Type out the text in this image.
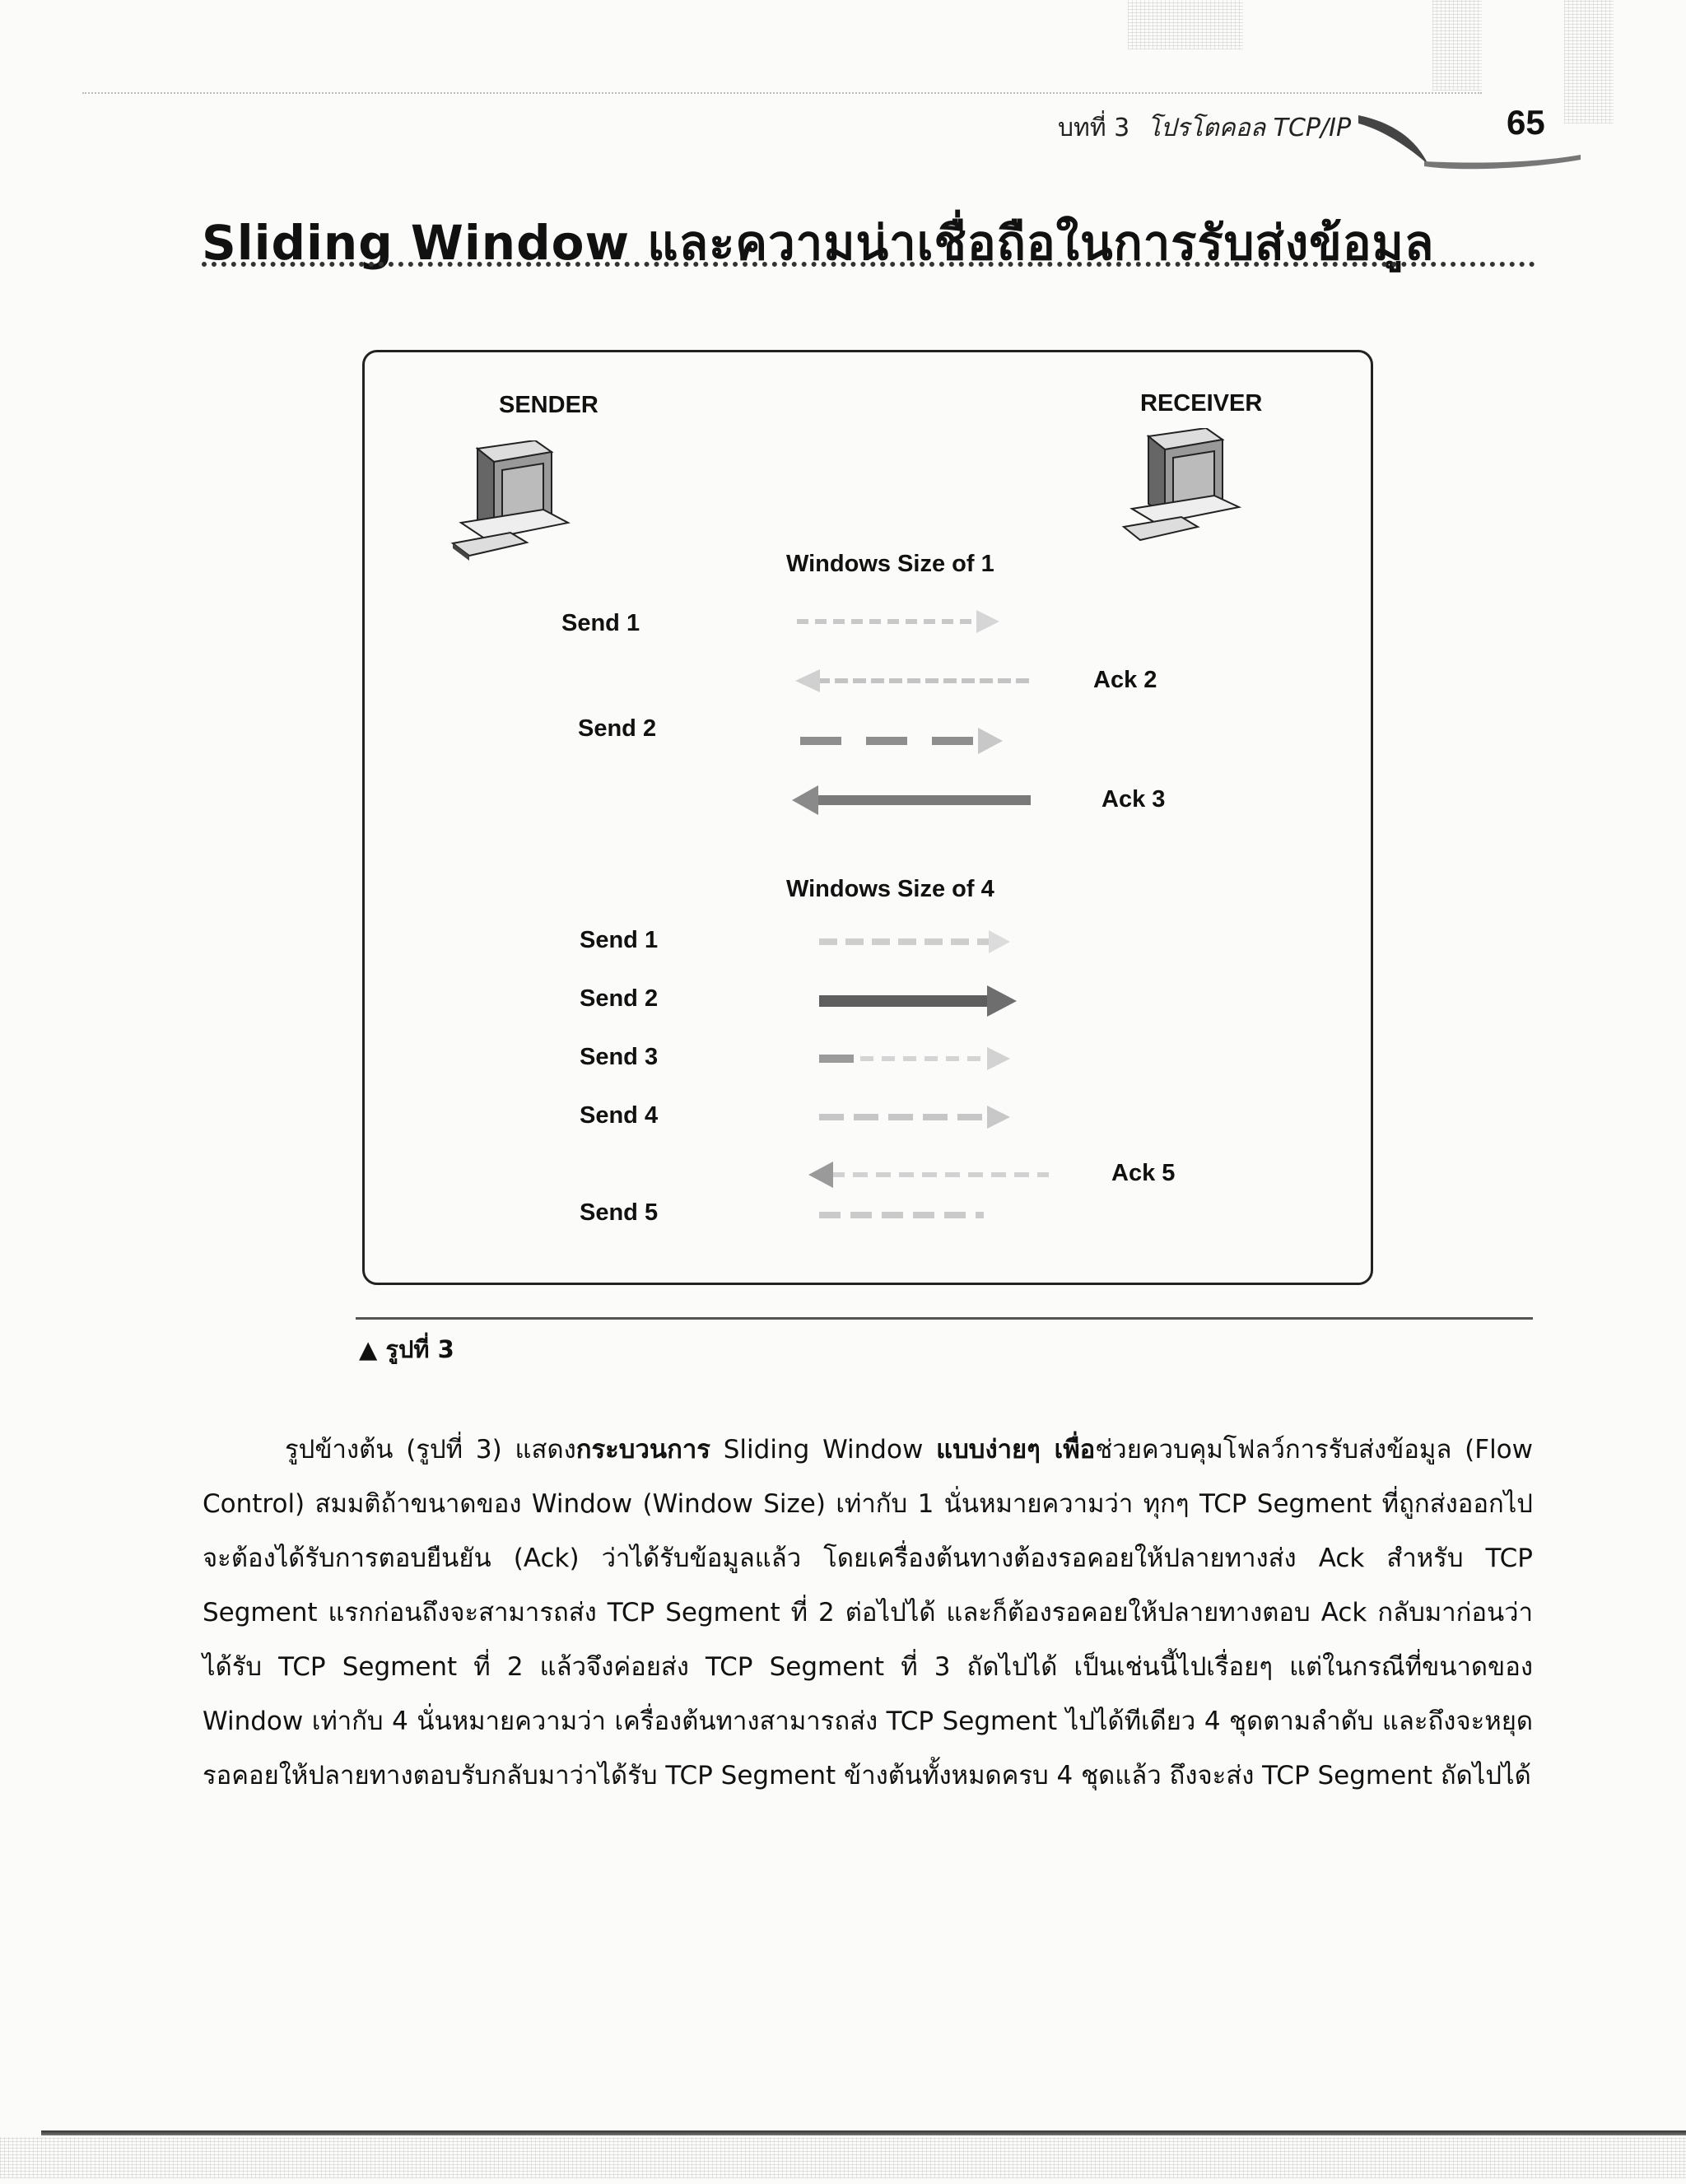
บทที่ 3 โปรโตคอล TCP/IP	65
Sliding Window และความน่าเชื่อถือในการรับส่งข้อมูล
SENDER	RECEIVER
Windows Size of 1
Send 1
Ack 2
Send 2
Ack 3
Windows Size of 4
Send 1
Send 2
Send 3
Send 4
Ack 5
Send 5
▲ รูปที่ 3
รูปข้างต้น (รูปที่ 3) แสดงกระบวนการ Sliding Window แบบง่ายๆ เพื่อช่วยควบคุมโฟลว์การรับส่งข้อมูล (Flow Control) สมมติถ้าขนาดของ Window (Window Size) เท่ากับ 1 นั่นหมายความว่า ทุกๆ TCP Segment ที่ถูกส่งออกไปจะต้องได้รับการตอบยืนยัน (Ack) ว่าได้รับข้อมูลแล้ว โดยเครื่องต้นทางต้องรอคอยให้ปลายทางส่ง Ack สำหรับ TCP Segment แรกก่อนถึงจะสามารถส่ง TCP Segment ที่ 2 ต่อไปได้ และก็ต้องรอคอยให้ปลายทางตอบ Ack กลับมาก่อนว่าได้รับ TCP Segment ที่ 2 แล้วจึงค่อยส่ง TCP Segment ที่ 3 ถัดไปได้ เป็นเช่นนี้ไปเรื่อยๆ แต่ในกรณีที่ขนาดของ Window เท่ากับ 4 นั่นหมายความว่า เครื่องต้นทางสามารถส่ง TCP Segment ไปได้ทีเดียว 4 ชุดตามลำดับ และถึงจะหยุดรอคอยให้ปลายทางตอบรับกลับมาว่าได้รับ TCP Segment ข้างต้นทั้งหมดครบ 4 ชุดแล้ว ถึงจะส่ง TCP Segment ถัดไปได้
